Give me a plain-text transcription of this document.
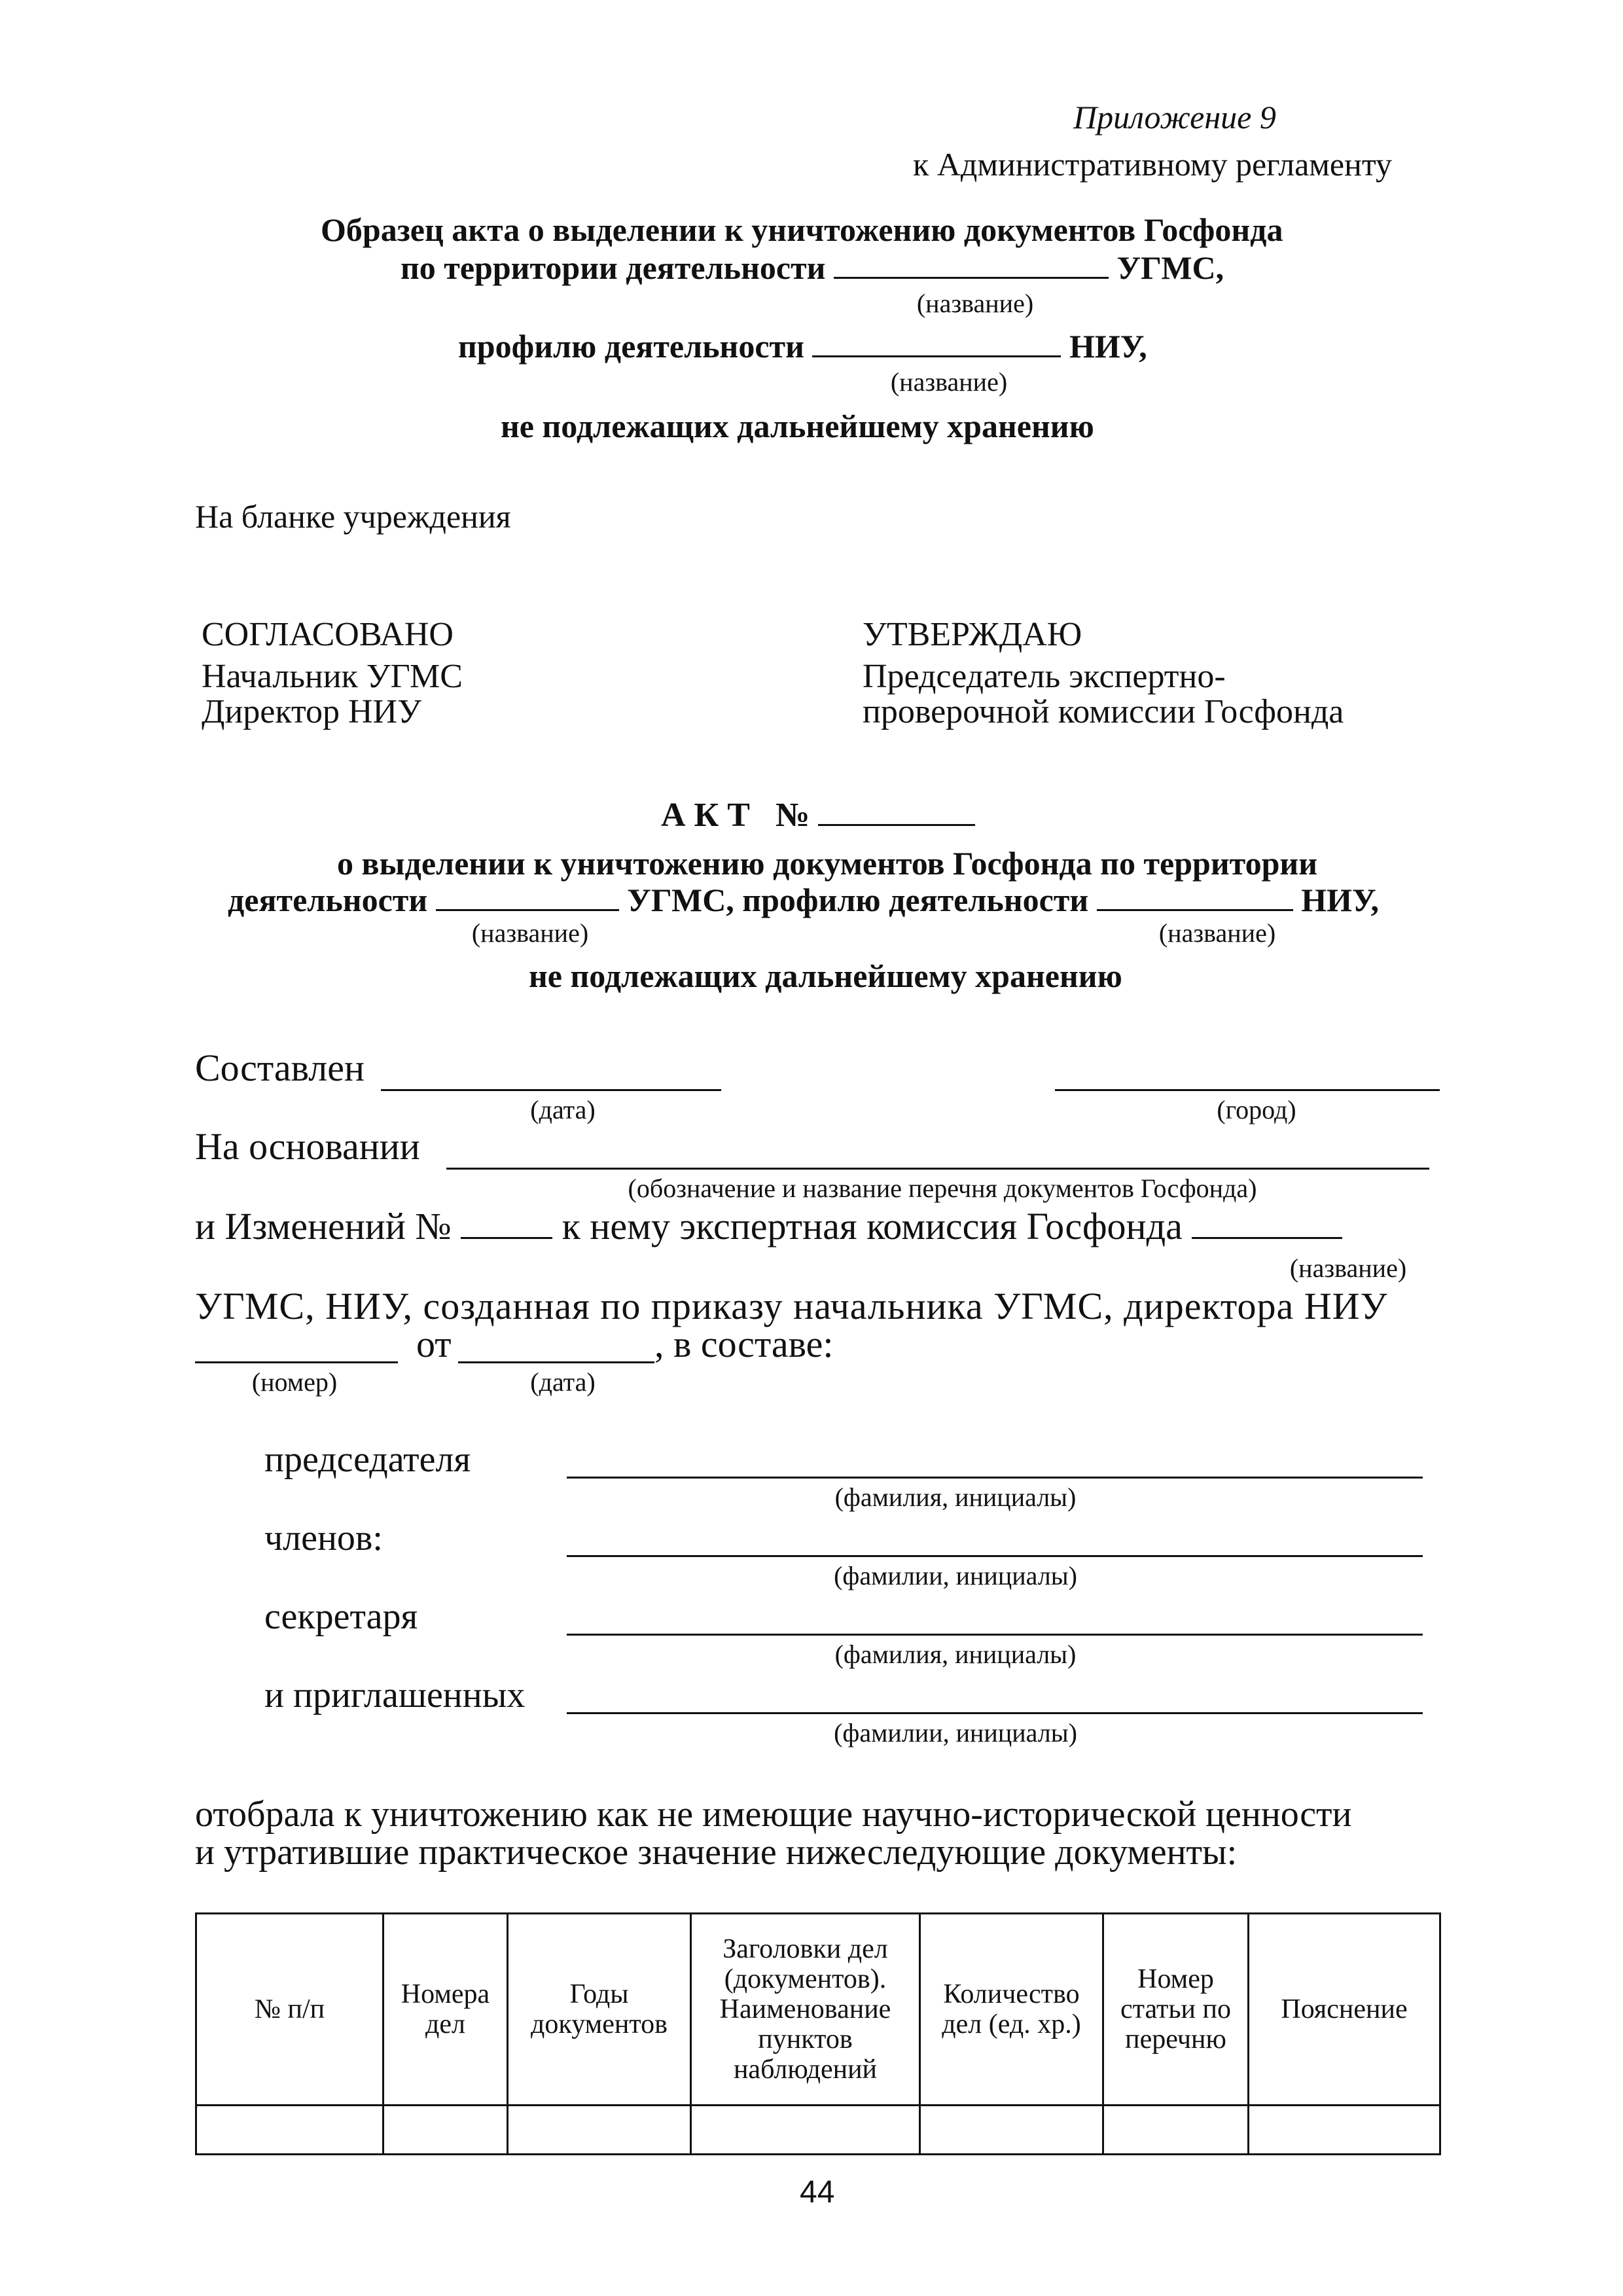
Приложение 9
к Административному регламенту
Образец акта о выделении к уничтожению документов Госфонда
по территории деятельности	УГМС,
(название)
профилю деятельности	НИУ,
(название)
не подлежащих дальнейшему хранению
На бланке учреждения
СОГЛАСОВАНО
Начальник УГМС
Директор НИУ
УТВЕРЖДАЮ
Председатель экспертно-
проверочной комиссии Госфонда
А К Т   №
о выделении к уничтожению документов Госфонда по территории
деятельности	УГМС, профилю деятельности	НИУ,
(название)	(название)
не подлежащих дальнейшему хранению
Составлен
(дата)	(город)
На основании
(обозначение и название перечня документов Госфонда)
и Изменений №	к нему экспертная комиссия Госфонда
(название)
УГМС, НИУ, созданная по приказу начальника УГМС, директора НИУ
от	, в составе:
(номер)	(дата)
председателя
(фамилия, инициалы)
членов:
(фамилии, инициалы)
секретаря
(фамилия, инициалы)
и приглашенных
(фамилии, инициалы)
отобрала к уничтожению как не имеющие научно-исторической ценности
и утратившие практическое значение нижеследующие документы:
№ п/п	Номера дел	Годы документов	Заголовки дел (документов). Наименование пунктов наблюдений	Количество дел (ед. хр.)	Номер статьи по перечню	Пояснение

44
